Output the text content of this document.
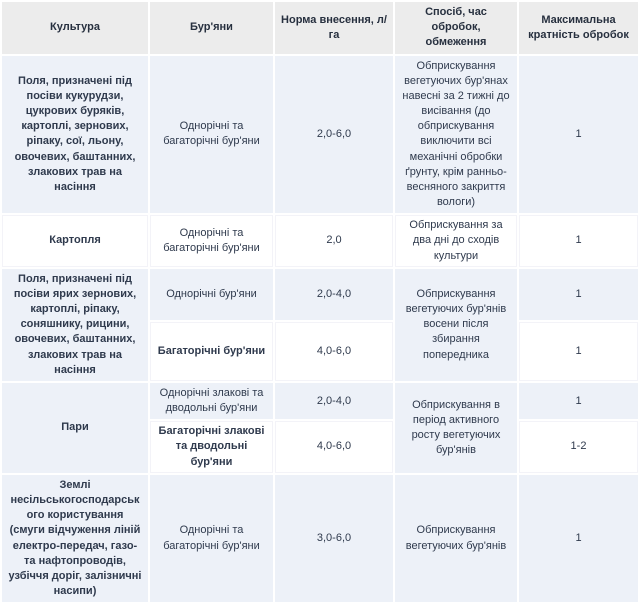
Культура	Бур'яни	Норма внесення, л/га	Спосіб, час обробок, обмеження	Максимальна кратність обробок
Поля, призначені під посіви кукурудзи, цукрових буряків, картоплі, зернових, ріпаку, сої, льону, овочевих, баштанних, злакових трав на насіння	Однорічні та багаторічні бур'яни	2,0-6,0	Обприскування вегетуючих бур'янах навесні за 2 тижні до висівання (до обприскування виключити всі механічні обробки ґрунту, крім ранньо-весняного закриття вологи)	1
Картопля	Однорічні та багаторічні бур'яни	2,0	Обприскування за два дні до сходів культури	1
Поля, призначені під посіви ярих зернових, картоплі, ріпаку, соняшнику, рицини, овочевих, баштанних, злакових трав на насіння	Однорічні бур'яни	2,0-4,0	Обприскування вегетуючих бур'янів восени після збирання попередника	1
	Багаторічні бур'яни	4,0-6,0		1
Пари	Однорічні злакові та дводольні бур'яни	2,0-4,0	Обприскування в період активного росту вегетуючих бур'янів	1
	Багаторічні злакові та дводольні бур'яни	4,0-6,0		1-2
Землі несільськогосподарського користування (смуги відчуження ліній електро-передач, газо- та нафтопроводів, узбіччя доріг, залізничні насипи)	Однорічні та багаторічні бур'яни	3,0-6,0	Обприскування вегетуючих бур'янів	1
